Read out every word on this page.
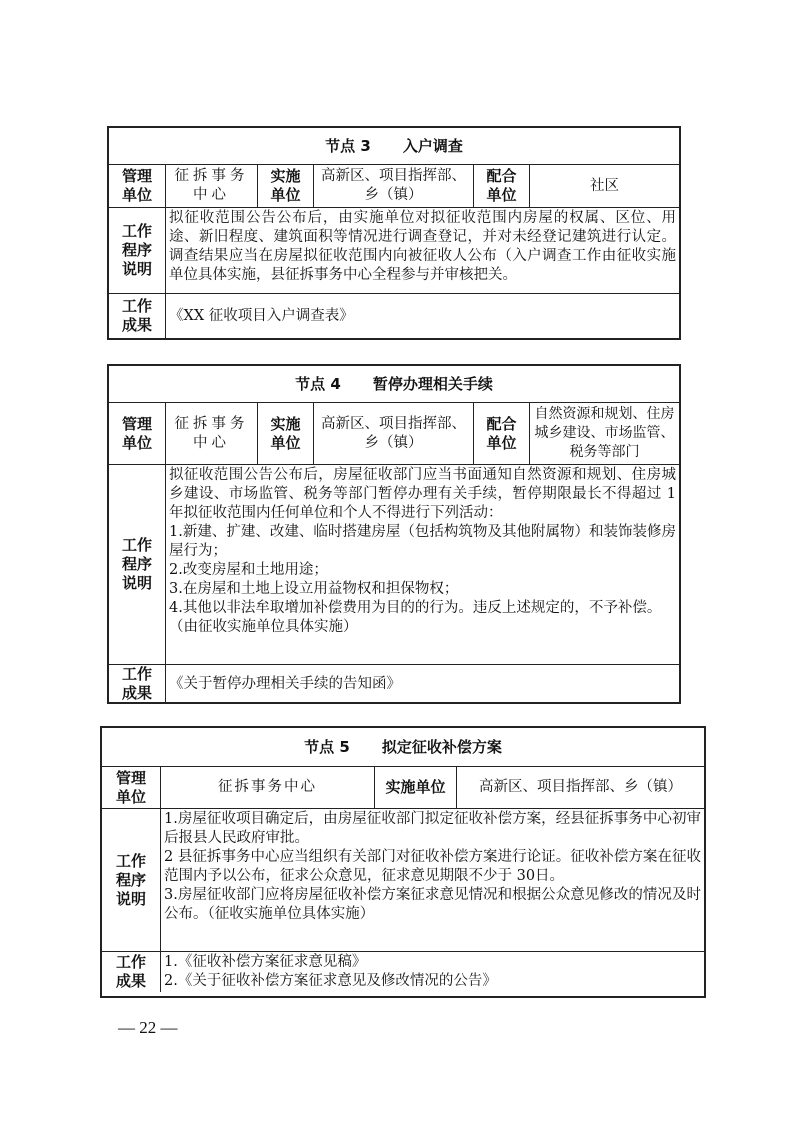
节点 3 入户调查
管理
单位
征拆事务中心
实施
单位
高新区、项目指挥部、乡（镇）
配合
单位
社区
工作
程序
说明
拟征收范围公告公布后，由实施单位对拟征收范围内房屋的权属、区位、用途、新旧程度、建筑面积等情况进行调查登记，并对未经登记建筑进行认定。调查结果应当在房屋拟征收范围内向被征收人公布（入户调查工作由征收实施单位具体实施，县征拆事务中心全程参与并审核把关。
工作
成果
《XX 征收项目入户调查表》
节点 4 暂停办理相关手续
管理
单位
征拆事务中心
实施
单位
高新区、项目指挥部、乡（镇）
配合
单位
自然资源和规划、住房城乡建设、市场监管、税务等部门
工作
程序
说明
拟征收范围公告公布后，房屋征收部门应当书面通知自然资源和规划、住房城乡建设、市场监管、税务等部门暂停办理有关手续，暂停期限最长不得超过 1 年拟征收范围内任何单位和个人不得进行下列活动：
1.新建、扩建、改建、临时搭建房屋（包括构筑物及其他附属物）和装饰装修房屋行为；
2.改变房屋和土地用途；
3.在房屋和土地上设立用益物权和担保物权；
4.其他以非法牟取增加补偿费用为目的的行为。违反上述规定的，不予补偿。
（由征收实施单位具体实施）
工作
成果
《关于暂停办理相关手续的告知函》
节点 5 拟定征收补偿方案
管理
单位
征拆事务中心	实施单位 高新区、项目指挥部、乡（镇）
工作
程序
说明
1.房屋征收项目确定后，由房屋征收部门拟定征收补偿方案，经县征拆事务中心初审后报县人民政府审批。
2 县征拆事务中心应当组织有关部门对征收补偿方案进行论证。征收补偿方案在征收范围内予以公布，征求公众意见，征求意见期限不少于 30日。
3.房屋征收部门应将房屋征收补偿方案征求意见情况和根据公众意见修改的情况及时公布。（征收实施单位具体实施）
工作
成果
1.《征收补偿方案征求意见稿》
2.《关于征收补偿方案征求意见及修改情况的公告》
— 22 —
